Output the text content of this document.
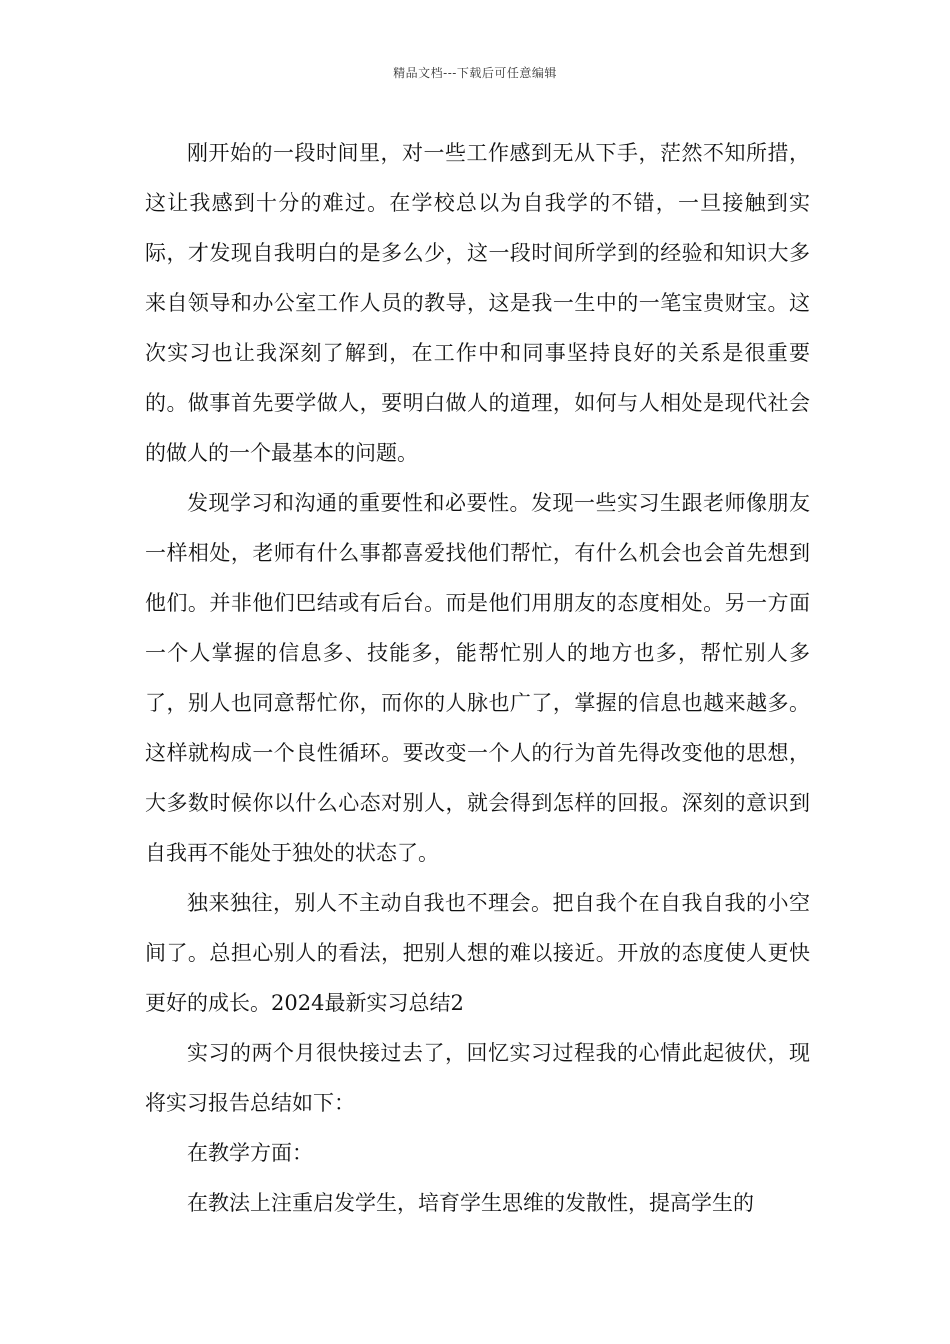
精品文档---下载后可任意编辑

刚开始的一段时间里，对一些工作感到无从下手，茫然不知所措，这让我感到十分的难过。在学校总以为自我学的不错，一旦接触到实际，才发现自我明白的是多么少，这一段时间所学到的经验和知识大多来自领导和办公室工作人员的教导，这是我一生中的一笔宝贵财宝。这次实习也让我深刻了解到，在工作中和同事坚持良好的关系是很重要的。做事首先要学做人，要明白做人的道理，如何与人相处是现代社会的做人的一个最基本的问题。

发现学习和沟通的重要性和必要性。发现一些实习生跟老师像朋友一样相处，老师有什么事都喜爱找他们帮忙，有什么机会也会首先想到他们。并非他们巴结或有后台。而是他们用朋友的态度相处。另一方面一个人掌握的信息多、技能多，能帮忙别人的地方也多，帮忙别人多了，别人也同意帮忙你，而你的人脉也广了，掌握的信息也越来越多。这样就构成一个良性循环。要改变一个人的行为首先得改变他的思想，大多数时候你以什么心态对别人，就会得到怎样的回报。深刻的意识到自我再不能处于独处的状态了。

独来独往，别人不主动自我也不理会。把自我个在自我自我的小空间了。总担心别人的看法，把别人想的难以接近。开放的态度使人更快更好的成长。2024最新实习总结2

实习的两个月很快接过去了，回忆实习过程我的心情此起彼伏，现将实习报告总结如下：

在教学方面：

在教法上注重启发学生，培育学生思维的发散性，提高学生的
